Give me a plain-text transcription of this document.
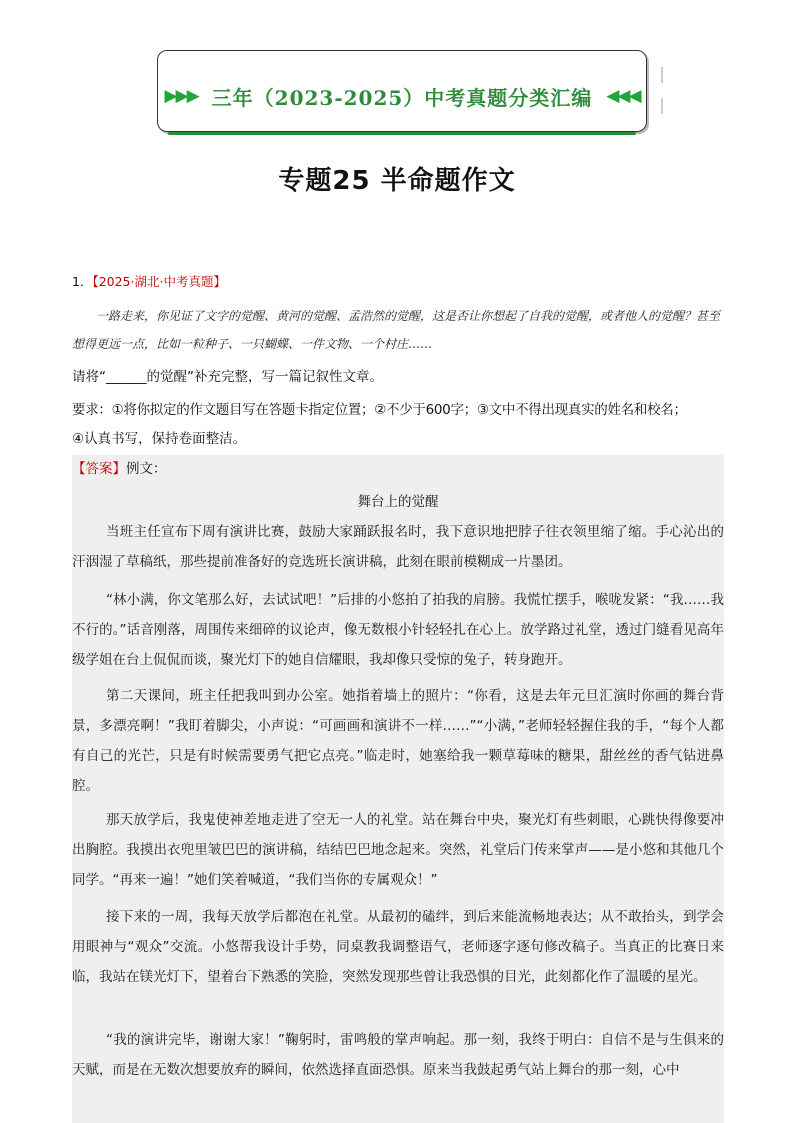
▶▶▶ 三年（2023-2025）中考真题分类汇编 ◀◀◀
专题25 半命题作文
1．【2025·湖北·中考真题】
一路走来，你见证了文字的觉醒、黄河的觉醒、孟浩然的觉醒，这是否让你想起了自我的觉醒，或者他人的觉醒？甚至想得更远一点，比如一粒种子、一只蝴蝶、一件文物、一个村庄……
请将“______的觉醒”补充完整，写一篇记叙性文章。
要求：①将你拟定的作文题目写在答题卡指定位置；②不少于600字；③文中不得出现真实的姓名和校名；
④认真书写，保持卷面整洁。
【答案】例文：
舞台上的觉醒
当班主任宣布下周有演讲比赛，鼓励大家踊跃报名时，我下意识地把脖子往衣领里缩了缩。手心沁出的汗洇湿了草稿纸，那些提前准备好的竞选班长演讲稿，此刻在眼前模糊成一片墨团。
“林小满，你文笔那么好，去试试吧！”后排的小悠拍了拍我的肩膀。我慌忙摆手，喉咙发紧：“我……我不行的。”话音刚落，周围传来细碎的议论声，像无数根小针轻轻扎在心上。放学路过礼堂，透过门缝看见高年级学姐在台上侃侃而谈，聚光灯下的她自信耀眼，我却像只受惊的兔子，转身跑开。
第二天课间，班主任把我叫到办公室。她指着墙上的照片：“你看，这是去年元旦汇演时你画的舞台背景，多漂亮啊！”我盯着脚尖，小声说：“可画画和演讲不一样……”“小满，”老师轻轻握住我的手，“每个人都有自己的光芒，只是有时候需要勇气把它点亮。”临走时，她塞给我一颗草莓味的糖果，甜丝丝的香气钻进鼻腔。
那天放学后，我鬼使神差地走进了空无一人的礼堂。站在舞台中央，聚光灯有些刺眼，心跳快得像要冲出胸腔。我摸出衣兜里皱巴巴的演讲稿，结结巴巴地念起来。突然，礼堂后门传来掌声——是小悠和其他几个同学。“再来一遍！”她们笑着喊道，“我们当你的专属观众！”
接下来的一周，我每天放学后都泡在礼堂。从最初的磕绊，到后来能流畅地表达；从不敢抬头，到学会用眼神与“观众”交流。小悠帮我设计手势，同桌教我调整语气，老师逐字逐句修改稿子。当真正的比赛日来临，我站在镁光灯下，望着台下熟悉的笑脸，突然发现那些曾让我恐惧的目光，此刻都化作了温暖的星光。
“我的演讲完毕，谢谢大家！”鞠躬时，雷鸣般的掌声响起。那一刻，我终于明白：自信不是与生俱来的天赋，而是在无数次想要放弃的瞬间，依然选择直面恐惧。原来当我鼓起勇气站上舞台的那一刻，心中
